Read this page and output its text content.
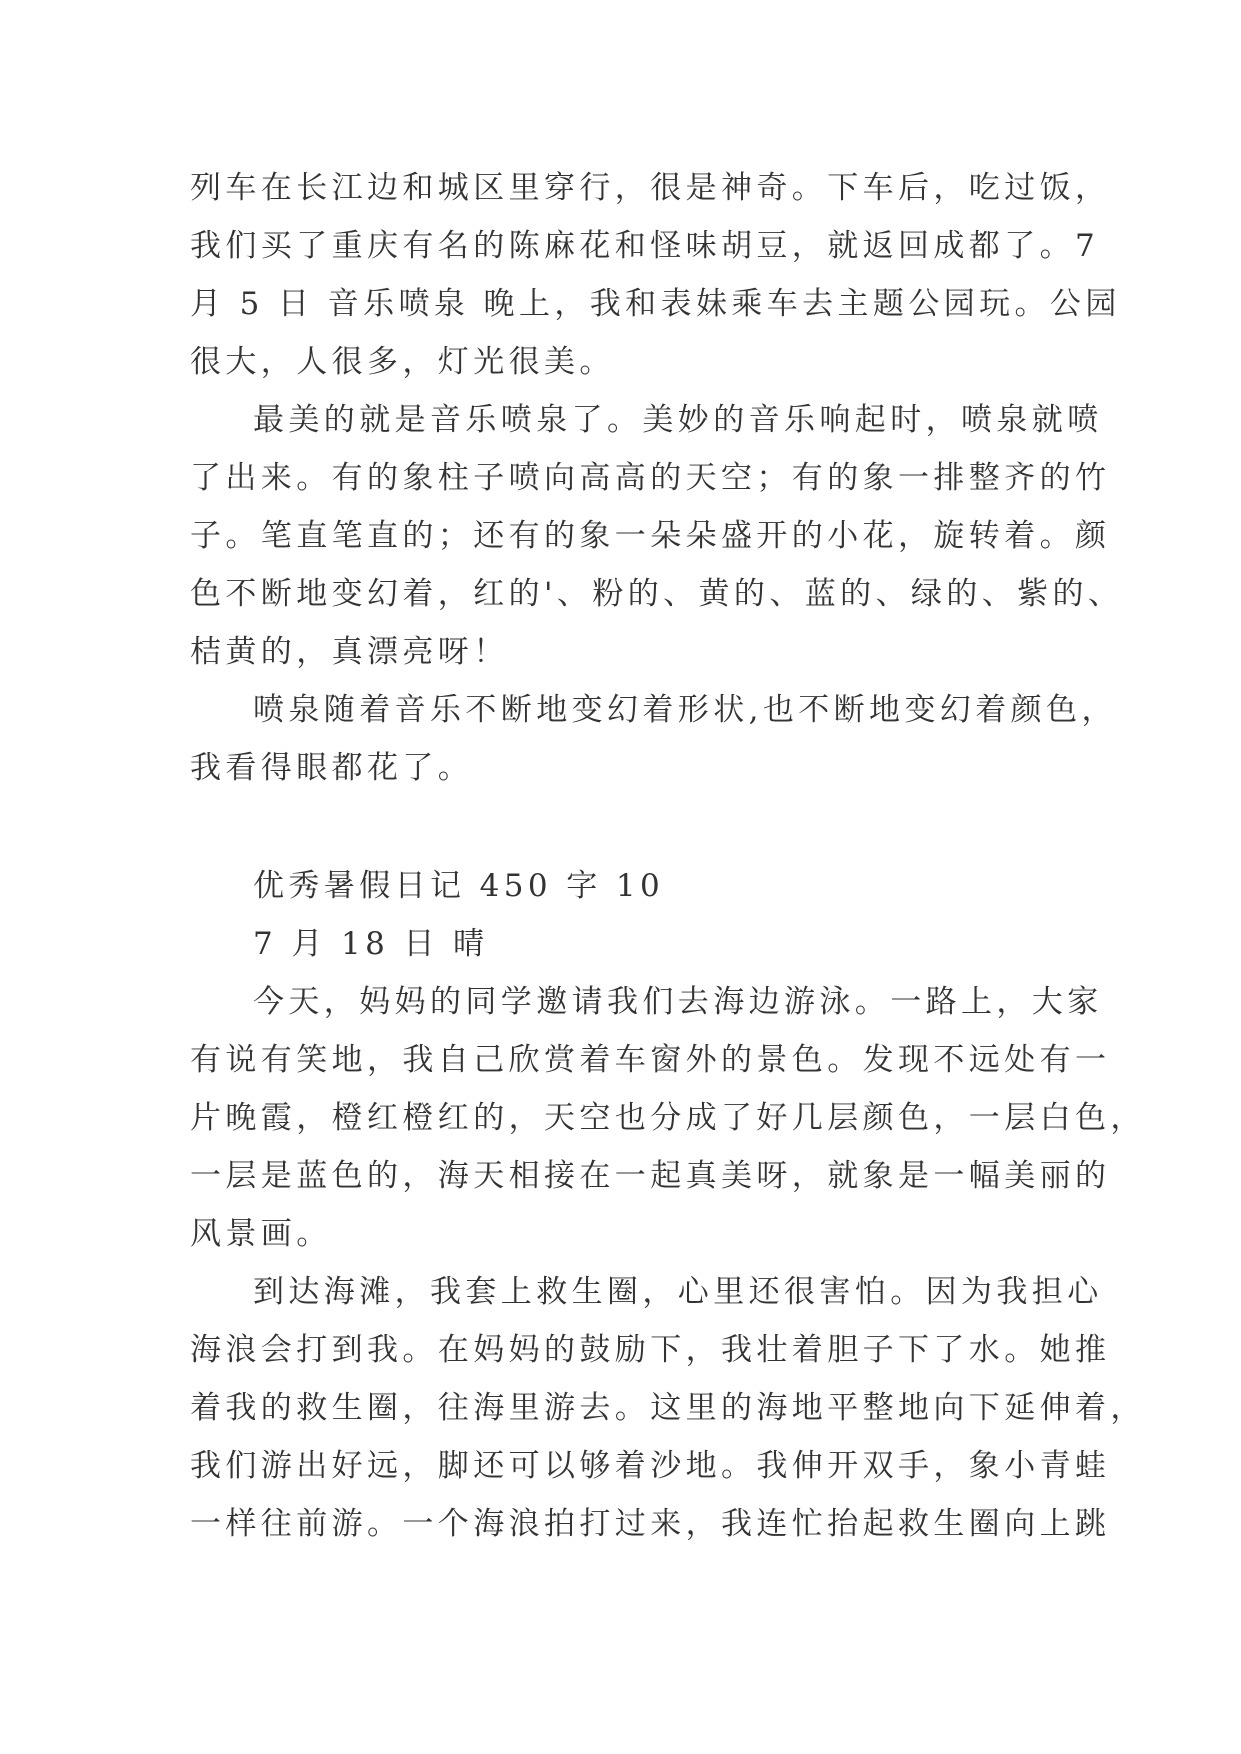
列车在长江边和城区里穿行，很是神奇。下车后，吃过饭，
我们买了重庆有名的陈麻花和怪味胡豆，就返回成都了。7
月 5 日 音乐喷泉 晚上，我和表妹乘车去主题公园玩。公园
很大，人很多，灯光很美。
最美的就是音乐喷泉了。美妙的音乐响起时，喷泉就喷
了出来。有的象柱子喷向高高的天空；有的象一排整齐的竹
子。笔直笔直的；还有的象一朵朵盛开的小花，旋转着。颜
色不断地变幻着，红的'、粉的、黄的、蓝的、绿的、紫的、
桔黄的，真漂亮呀！
喷泉随着音乐不断地变幻着形状,也不断地变幻着颜色，
我看得眼都花了。
优秀暑假日记 450 字 10
7 月 18 日 晴
今天，妈妈的同学邀请我们去海边游泳。一路上，大家
有说有笑地，我自己欣赏着车窗外的景色。发现不远处有一
片晚霞，橙红橙红的，天空也分成了好几层颜色，一层白色，
一层是蓝色的，海天相接在一起真美呀，就象是一幅美丽的
风景画。
到达海滩，我套上救生圈，心里还很害怕。因为我担心
海浪会打到我。在妈妈的鼓励下，我壮着胆子下了水。她推
着我的救生圈，往海里游去。这里的海地平整地向下延伸着，
我们游出好远，脚还可以够着沙地。我伸开双手，象小青蛙
一样往前游。一个海浪拍打过来，我连忙抬起救生圈向上跳
